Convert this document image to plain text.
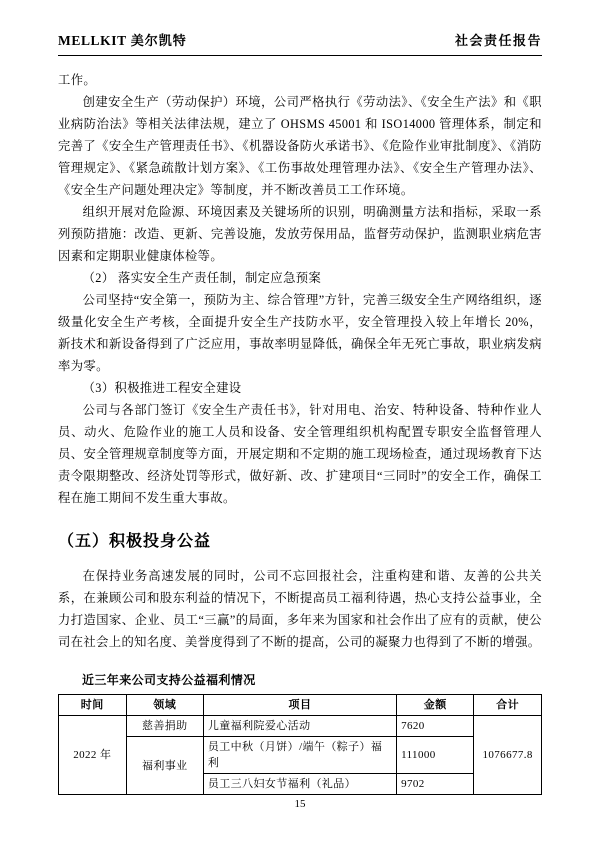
MELLKIT 美尔凯特	社会责任报告

工作。

创建安全生产（劳动保护）环境，公司严格执行《劳动法》、《安全生产法》和《职业病防治法》等相关法律法规，建立了 OHSMS 45001 和 ISO14000 管理体系，制定和完善了《安全生产管理责任书》、《机器设备防火承诺书》、《危险作业审批制度》、《消防管理规定》、《紧急疏散计划方案》、《工伤事故处理管理办法》、《安全生产管理办法》、《安全生产问题处理决定》等制度，并不断改善员工工作环境。

组织开展对危险源、环境因素及关键场所的识别，明确测量方法和指标，采取一系列预防措施：改造、更新、完善设施，发放劳保用品，监督劳动保护，监测职业病危害因素和定期职业健康体检等。

（2） 落实安全生产责任制，制定应急预案

公司坚持“安全第一，预防为主、综合管理”方针，完善三级安全生产网络组织，逐级量化安全生产考核，全面提升安全生产技防水平，安全管理投入较上年增长 20%，新技术和新设备得到了广泛应用，事故率明显降低，确保全年无死亡事故，职业病发病率为零。

（3）积极推进工程安全建设

公司与各部门签订《安全生产责任书》，针对用电、治安、特种设备、特种作业人员、动火、危险作业的施工人员和设备、安全管理组织机构配置专职安全监督管理人员、安全管理规章制度等方面，开展定期和不定期的施工现场检查，通过现场教育下达责令限期整改、经济处罚等形式，做好新、改、扩建项目“三同时”的安全工作，确保工程在施工期间不发生重大事故。

（五）积极投身公益

在保持业务高速发展的同时，公司不忘回报社会，注重构建和谐、友善的公共关系，在兼顾公司和股东利益的情况下，不断提高员工福利待遇，热心支持公益事业，全力打造国家、企业、员工“三赢”的局面，多年来为国家和社会作出了应有的贡献，使公司在社会上的知名度、美誉度得到了不断的提高，公司的凝聚力也得到了不断的增强。

近三年来公司支持公益福利情况
时间	领域	项目	金额	合计
2022 年	慈善捐助	儿童福利院爱心活动	7620	1076677.8
	福利事业	员工中秋（月饼）/端午（粽子）福利	111000	
		员工三八妇女节福利（礼品）	9702	
15
